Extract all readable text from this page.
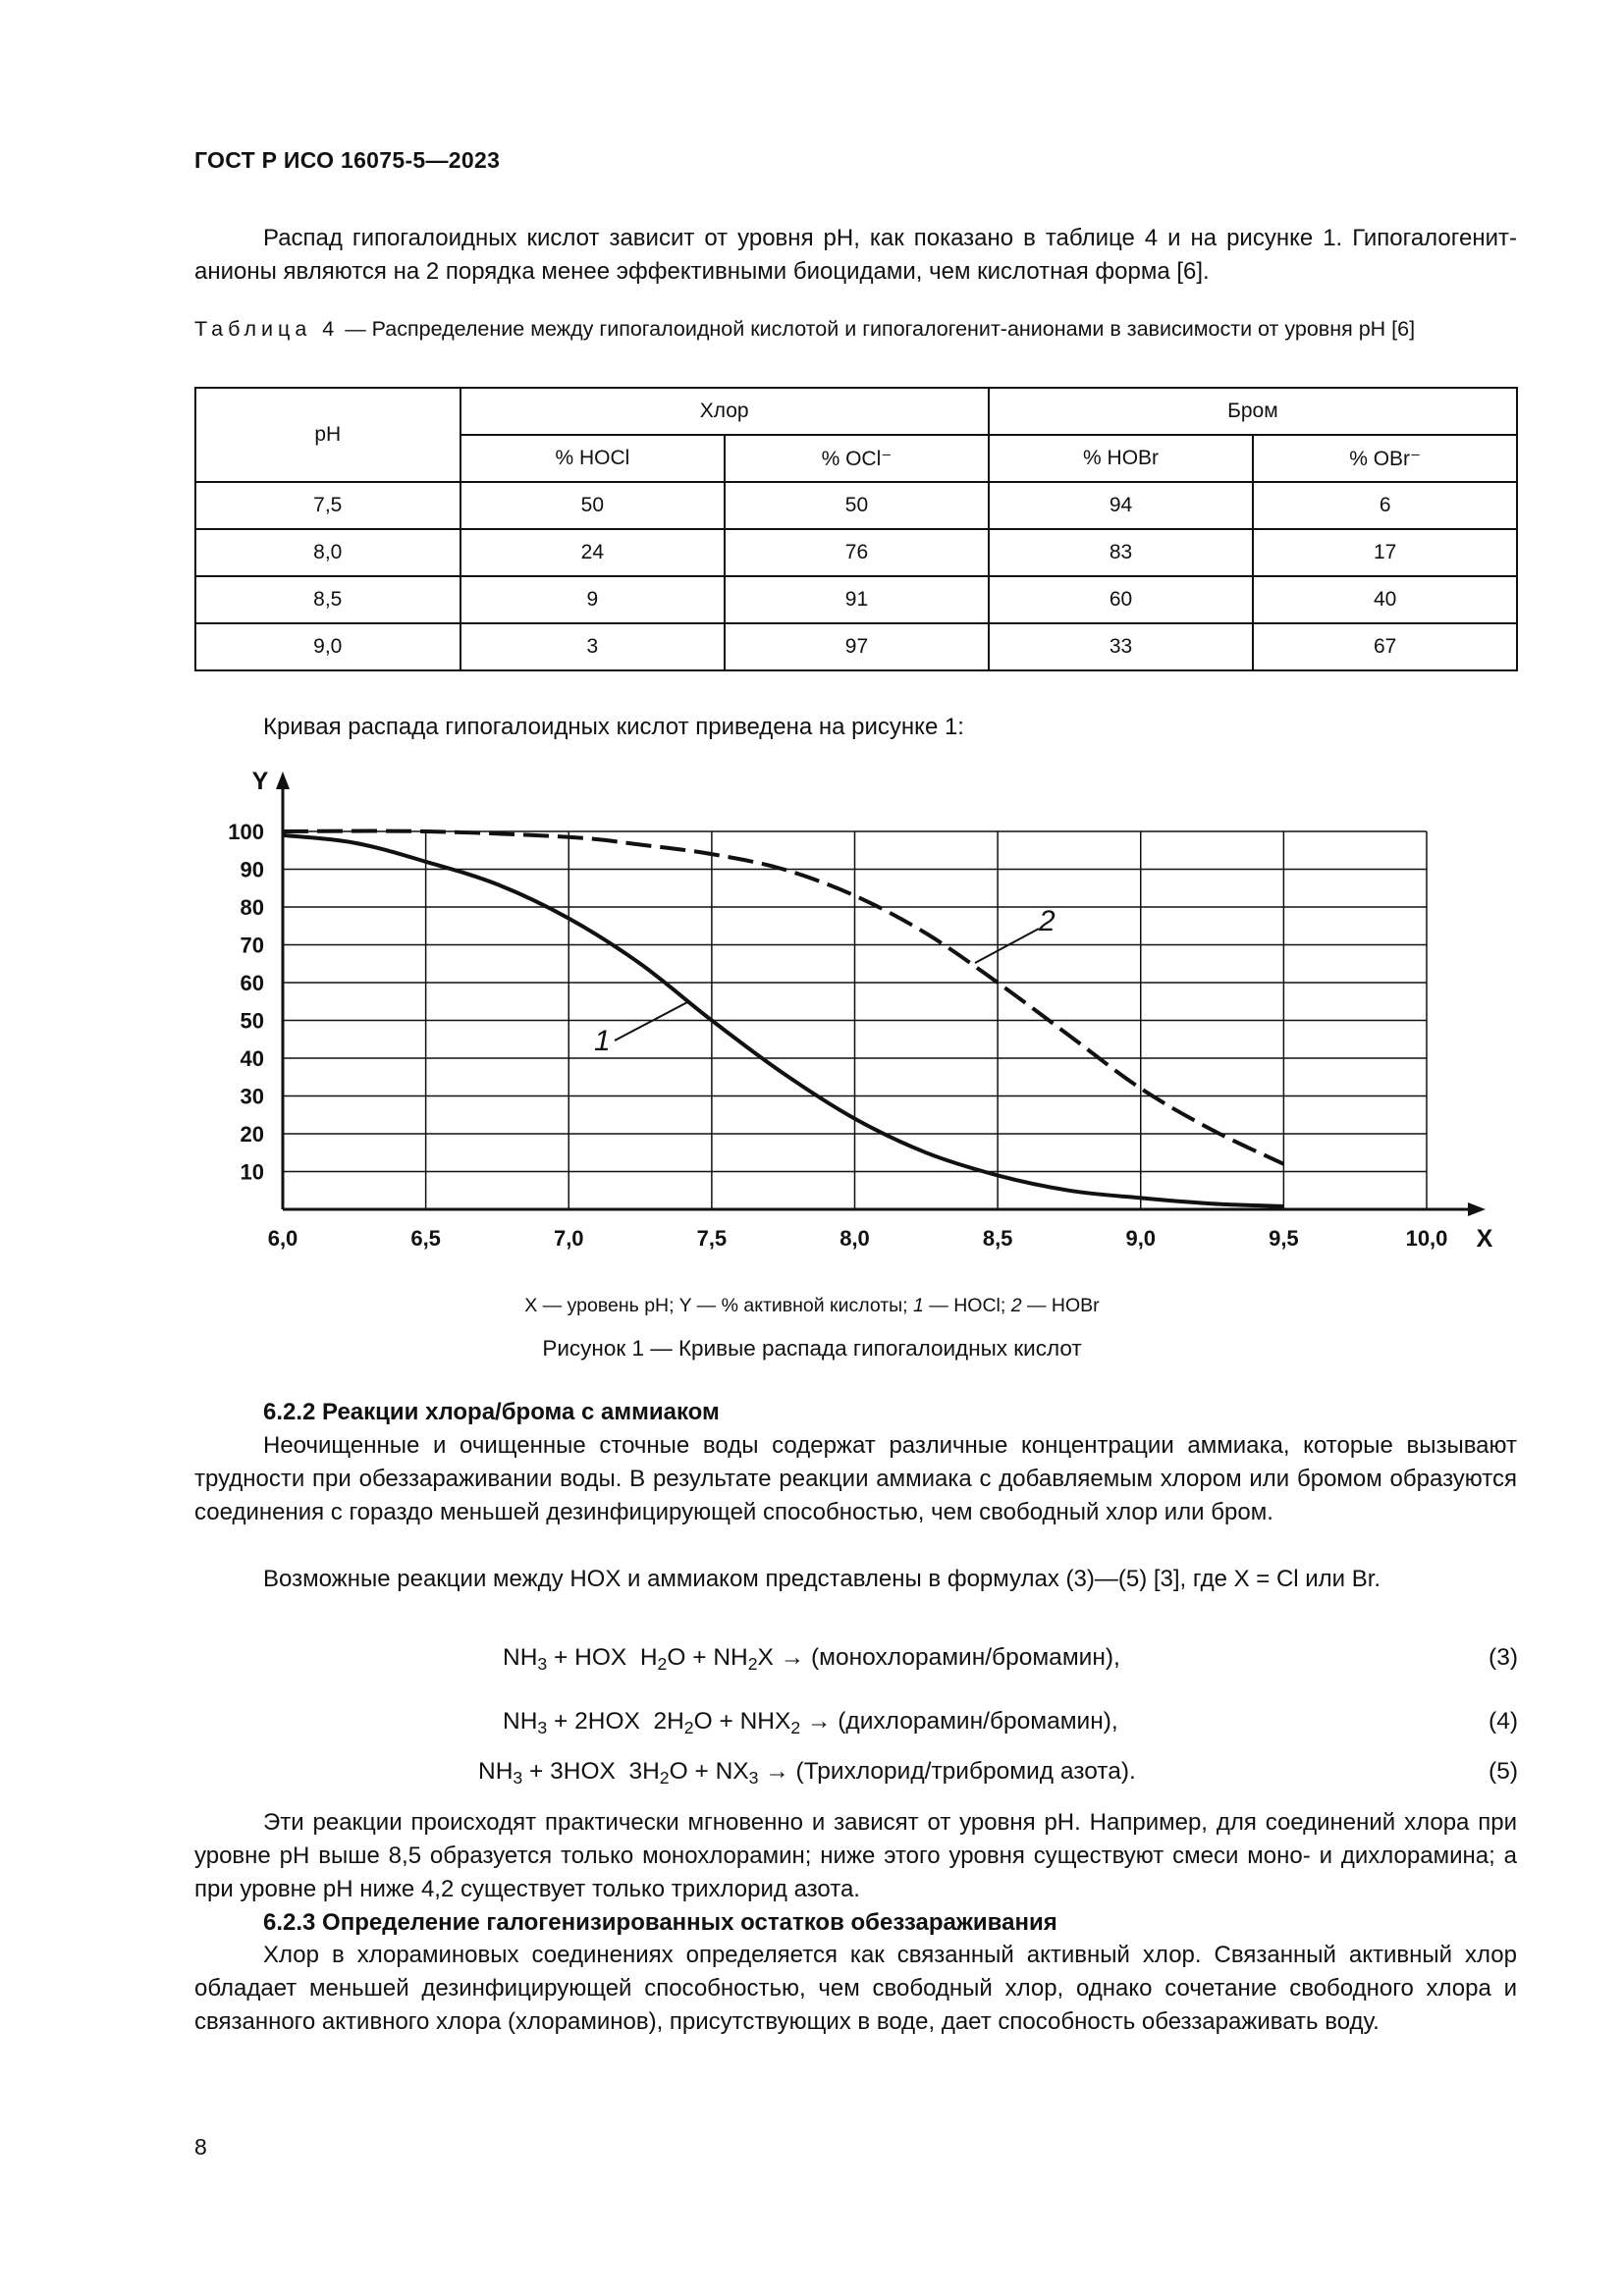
ГОСТ Р ИСО 16075-5—2023
Распад гипогалоидных кислот зависит от уровня pH, как показано в таблице 4 и на рисунке 1. Гипогалогенит-анионы являются на 2 порядка менее эффективными биоцидами, чем кислотная форма [6].
Таблица 4 — Распределение между гипогалоидной кислотой и гипогалогенит-анионами в зависимости от уровня pH [6]
pH	Хлор		Бром	
	% HOCl	% OCl⁻	% HOBr	% OBr⁻
7,5	50	50	94	6
8,0	24	76	83	17
8,5	9	91	60	40
9,0	3	97	33	67
Кривая распада гипогалоидных кислот приведена на рисунке 1:
10
20
30
40
50
60
70
80
90
100
6,0	6,5	7,0	7,5	8,0	8,5	9,0	9,5	10,0
Y
X
1
2
X — уровень pH; Y — % активной кислоты; 1 — HOCl; 2 — HOBr
Рисунок 1 — Кривые распада гипогалоидных кислот
6.2.2 Реакции хлора/брома с аммиаком
Неочищенные и очищенные сточные воды содержат различные концентрации аммиака, которые вызывают трудности при обеззараживании воды. В результате реакции аммиака с добавляемым хлором или бромом образуются соединения с гораздо меньшей дезинфицирующей способностью, чем свободный хлор или бром.
Возможные реакции между HOX и аммиаком представлены в формулах (3)—(5) [3], где X = Cl или Br.
$NH_3$ + HOX  $H_2O + NH_2X$ → (монохлорамин/бромамин),	(3)
$NH_3 + 2HOX$  $2H_2O + NHX_2$ → (дихлорамин/бромамин),	(4)
$NH_3 + 3HOX$  $3H_2O + NX_3$ → (Трихлорид/трибромид азота).	(5)
Эти реакции происходят практически мгновенно и зависят от уровня pH. Например, для соединений хлора при уровне pH выше 8,5 образуется только монохлорамин; ниже этого уровня существуют смеси моно- и дихлорамина; а при уровне pH ниже 4,2 существует только трихлорид азота.
6.2.3 Определение галогенизированных остатков обеззараживания
Хлор в хлораминовых соединениях определяется как связанный активный хлор. Связанный активный хлор обладает меньшей дезинфицирующей способностью, чем свободный хлор, однако сочетание свободного хлора и связанного активного хлора (хлораминов), присутствующих в воде, дает способность обеззараживать воду.
8
